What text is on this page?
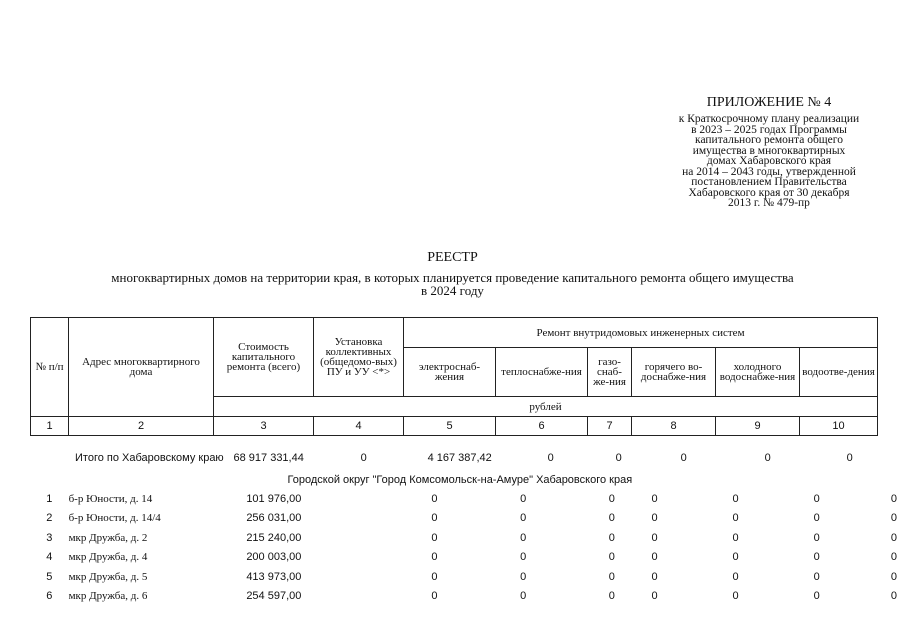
ПРИЛОЖЕНИЕ № 4
к Краткосрочному плану реализации
в 2023 – 2025 годах Программы
капитального ремонта общего
имущества в многоквартирных
домах Хабаровского края
на 2014 – 2043 годы, утвержденной
постановлением Правительства
Хабаровского края от 30 декабря
2013 г. № 479-пр
РЕЕСТР
многоквартирных домов на территории края, в которых планируется проведение капитального ремонта общего имущества
в 2024 году
№ п/п	Адрес многоквартирного дома	Стоимость капитального ремонта (всего)	Установка коллективных (общедомо-вых) ПУ и УУ <*>	Ремонт внутридомовых инженерных систем					
				электроснаб-жения	теплоснабже-ния	газо-снаб-же-ния	горячего во-доснабже-ния	холодного водоснабже-ния	водоотве-дения
		рублей							
1	2	3	4	5	6	7	8	9	10
	Итого по Хабаровскому краю	68 917 331,44	0	4 167 387,42	0	0	0	0	0
Городской округ "Город Комсомольск-на-Амуре" Хабаровского края
1	б-р Юности, д. 14	101 976,00	0	0	0	0	0	0	0
2	б-р Юности, д. 14/4	256 031,00	0	0	0	0	0	0	0
3	мкр Дружба, д. 2	215 240,00	0	0	0	0	0	0	0
4	мкр Дружба, д. 4	200 003,00	0	0	0	0	0	0	0
5	мкр Дружба, д. 5	413 973,00	0	0	0	0	0	0	0
6	мкр Дружба, д. 6	254 597,00	0	0	0	0	0	0	0
